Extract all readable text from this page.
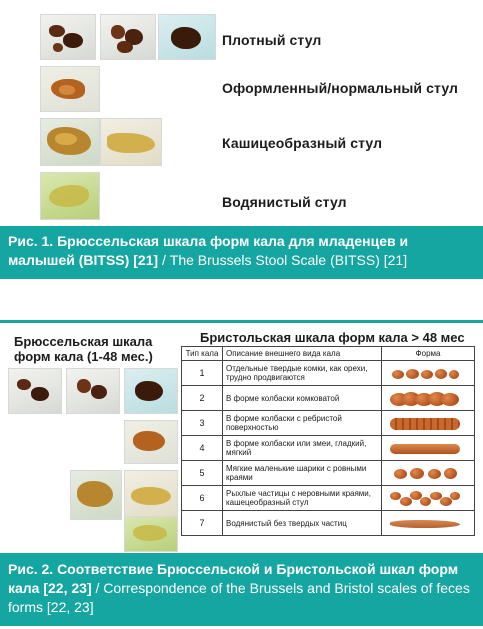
Плотный стул
Оформленный/нормальный стул
Кашицеобразный стул
Водянистый стул
Рис. 1. Брюссельская шкала форм кала для младенцев и малышей (BITSS) [21] / The Brussels Stool Scale (BITSS) [21]
Брюссельская шкала форм кала (1-48 мес.)
Бристольская шкала форм кала > 48 мес
Тип кала	Описание внешнего вида кала	Форма
1	Отдельные твердые комки, как орехи, трудно продвигаются	

2	В форме колбаски комковатой	

3	В форме колбаски с ребристой поверхностью	

4	В форме колбаски или змеи, гладкий, мягкий	

5	Мягкие маленькие шарики с ровными краями	

6	Рыхлые частицы с неровными краями, кашецеобразный стул	

7	Водянистый без твердых частиц	
Рис. 2. Соответствие Брюссельской и Бристольской шкал форм кала [22, 23] / Correspondence of the Brussels and Bristol scales of feces forms [22, 23]
